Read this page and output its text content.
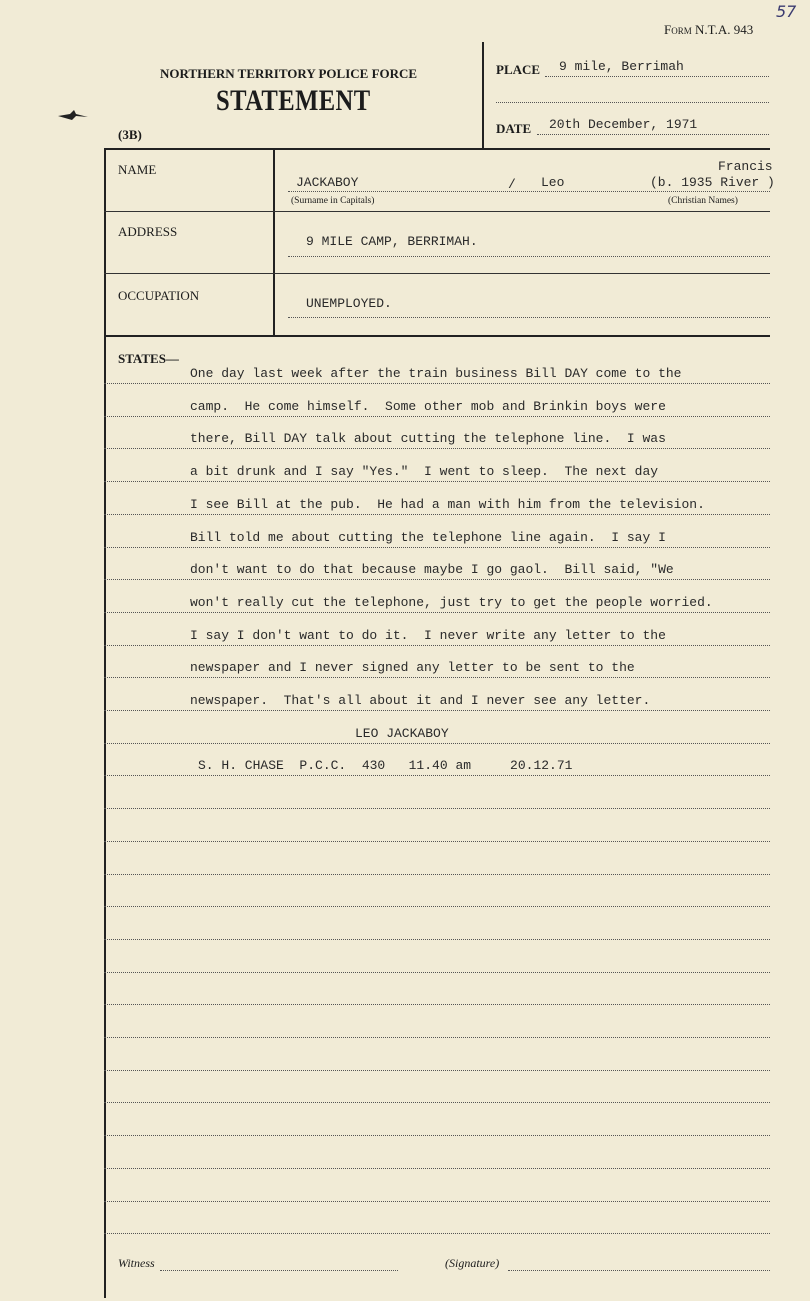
Form N.T.A. 943
57
NORTHERN TERRITORY POLICE FORCE
STATEMENT
(3B)
PLACE 9 mile, Berrimah
DATE 20th December, 1971
NAME
JACKABOY	/ Leo
Francis
(b. 1935 River )
(Surname in Capitals)	(Christian Names)
ADDRESS
9 MILE CAMP, BERRIMAH.
OCCUPATION
UNEMPLOYED.
STATES—
One day last week after the train business Bill DAY come to the
camp.  He come himself.  Some other mob and Brinkin boys were
there, Bill DAY talk about cutting the telephone line.  I was
a bit drunk and I say "Yes."  I went to sleep.  The next day
I see Bill at the pub.  He had a man with him from the television.
Bill told me about cutting the telephone line again.  I say I
don't want to do that because maybe I go gaol.  Bill said, "We
won't really cut the telephone, just try to get the people worried.
I say I don't want to do it.  I never write any letter to the
newspaper and I never signed any letter to be sent to the
newspaper.  That's all about it and I never see any letter.
LEO JACKABOY
S. H. CHASE  P.C.C.  430   11.40 am     20.12.71
Witness	(Signature)
